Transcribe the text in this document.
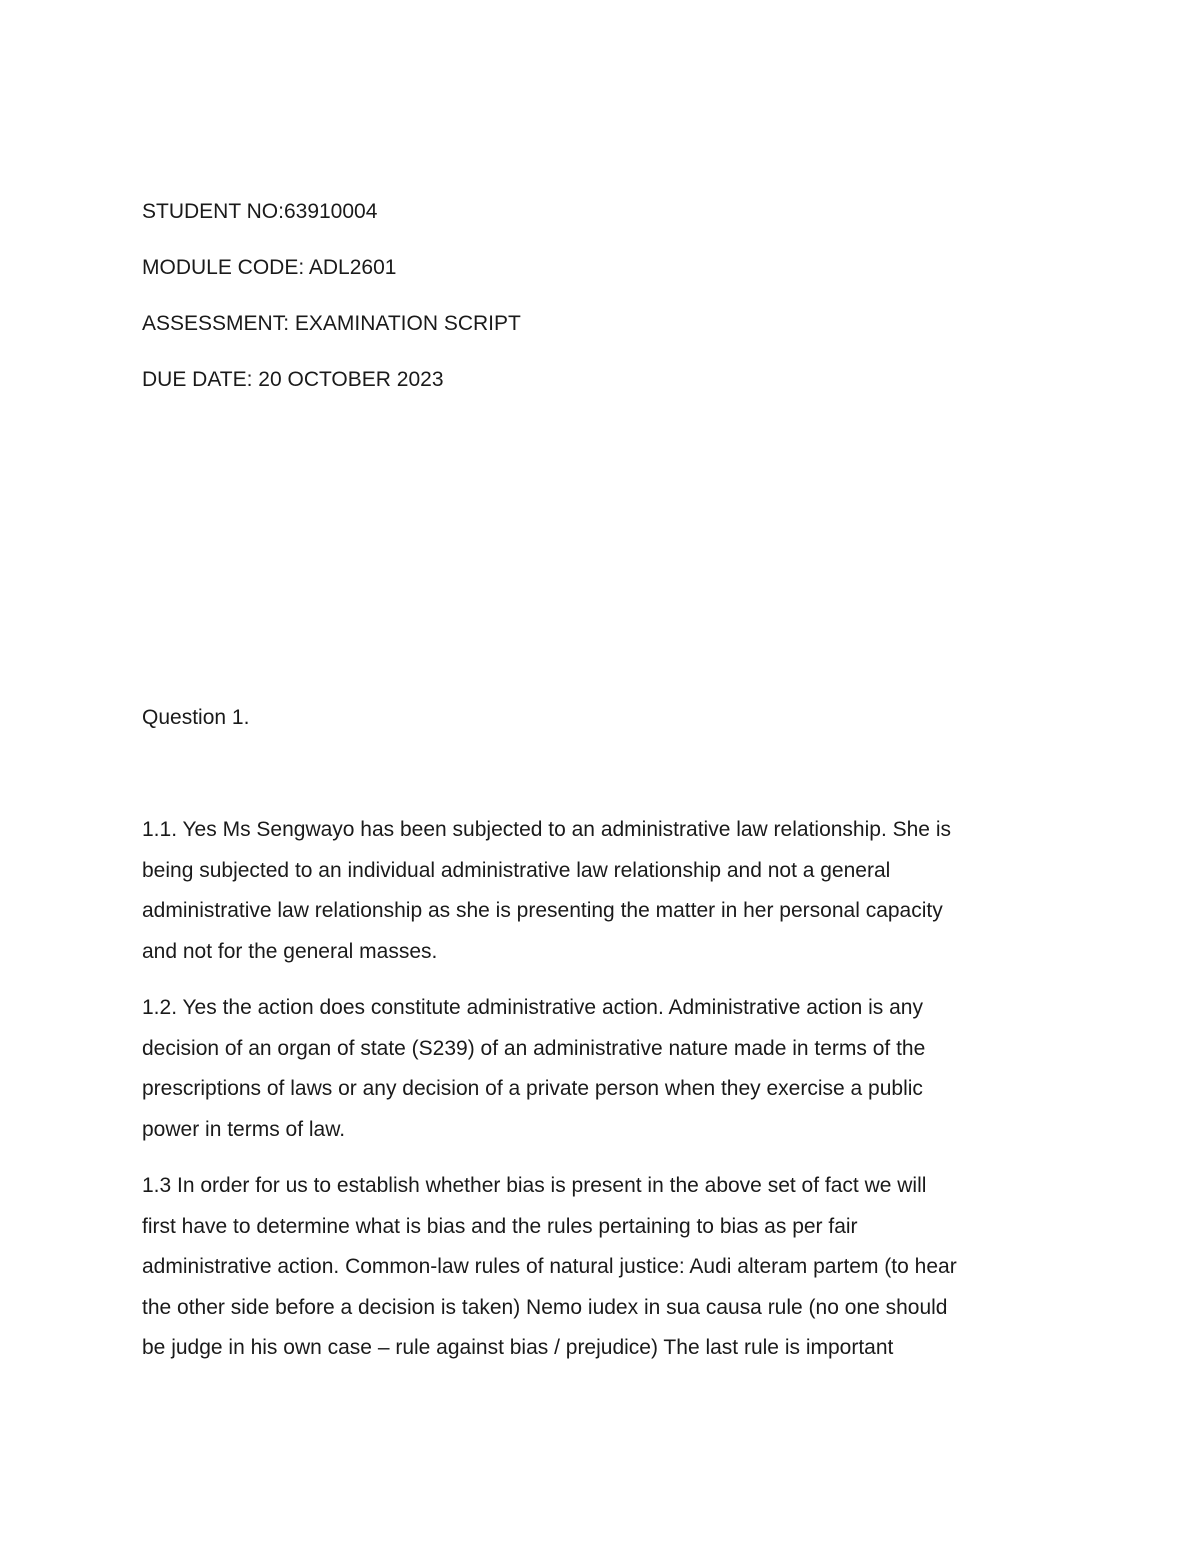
STUDENT NO:63910004
MODULE CODE: ADL2601
ASSESSMENT: EXAMINATION SCRIPT
DUE DATE: 20 OCTOBER 2023
Question 1.
1.1. Yes Ms Sengwayo has been subjected to an administrative law relationship. She is
being subjected to an individual administrative law relationship and not a general
administrative law relationship as she is presenting the matter in her personal capacity
and not for the general masses.
1.2. Yes the action does constitute administrative action. Administrative action is any
decision of an organ of state (S239) of an administrative nature made in terms of the
prescriptions of laws or any decision of a private person when they exercise a public
power in terms of law.
1.3 In order for us to establish whether bias is present in the above set of fact we will
first have to determine what is bias and the rules pertaining to bias as per fair
administrative action. Common-law rules of natural justice: Audi alteram partem (to hear
the other side before a decision is taken) Nemo iudex in sua causa rule (no one should
be judge in his own case – rule against bias / prejudice) The last rule is important
